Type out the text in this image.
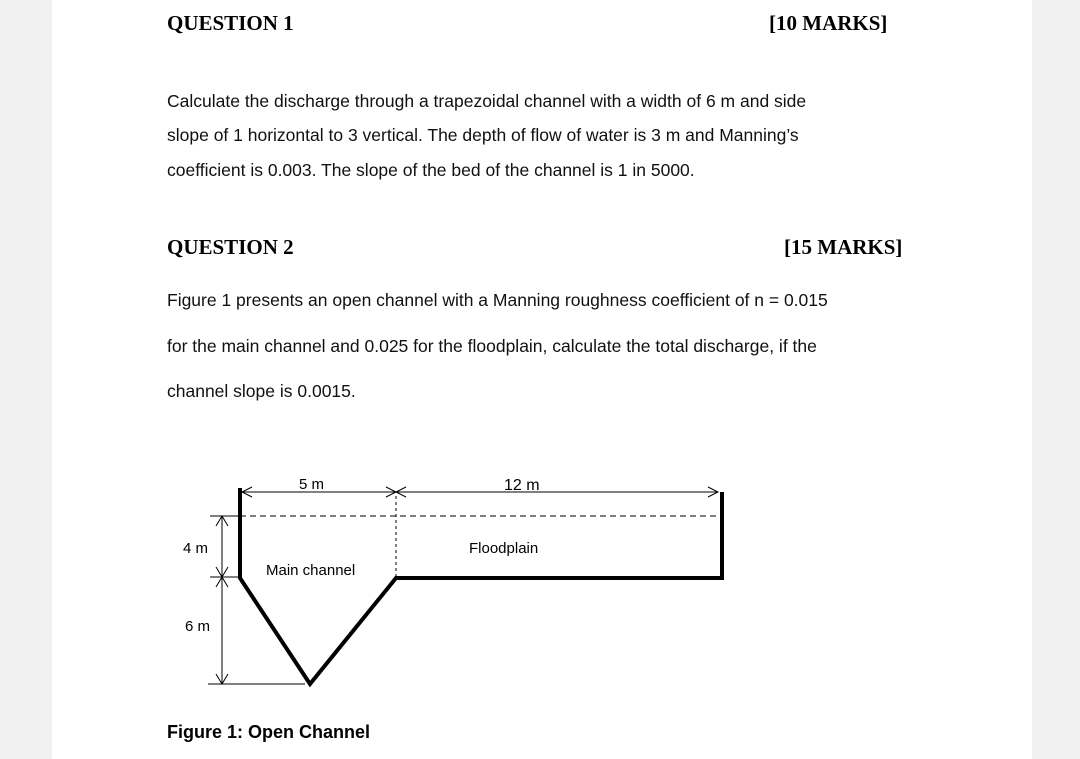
QUESTION 1	[10 MARKS]
Calculate the discharge through a trapezoidal channel with a width of 6 m and side
slope of 1 horizontal to 3 vertical. The depth of flow of water is 3 m and Manning’s
coefficient is 0.003. The slope of the bed of the channel is 1 in 5000.
QUESTION 2	[15 MARKS]
Figure 1 presents an open channel with a Manning roughness coefficient of n = 0.015
for the main channel and 0.025 for the floodplain, calculate the total discharge, if the
channel slope is 0.0015.
5 m	12 m
4 m
6 m
Main channel
Floodplain
Figure 1: Open Channel
